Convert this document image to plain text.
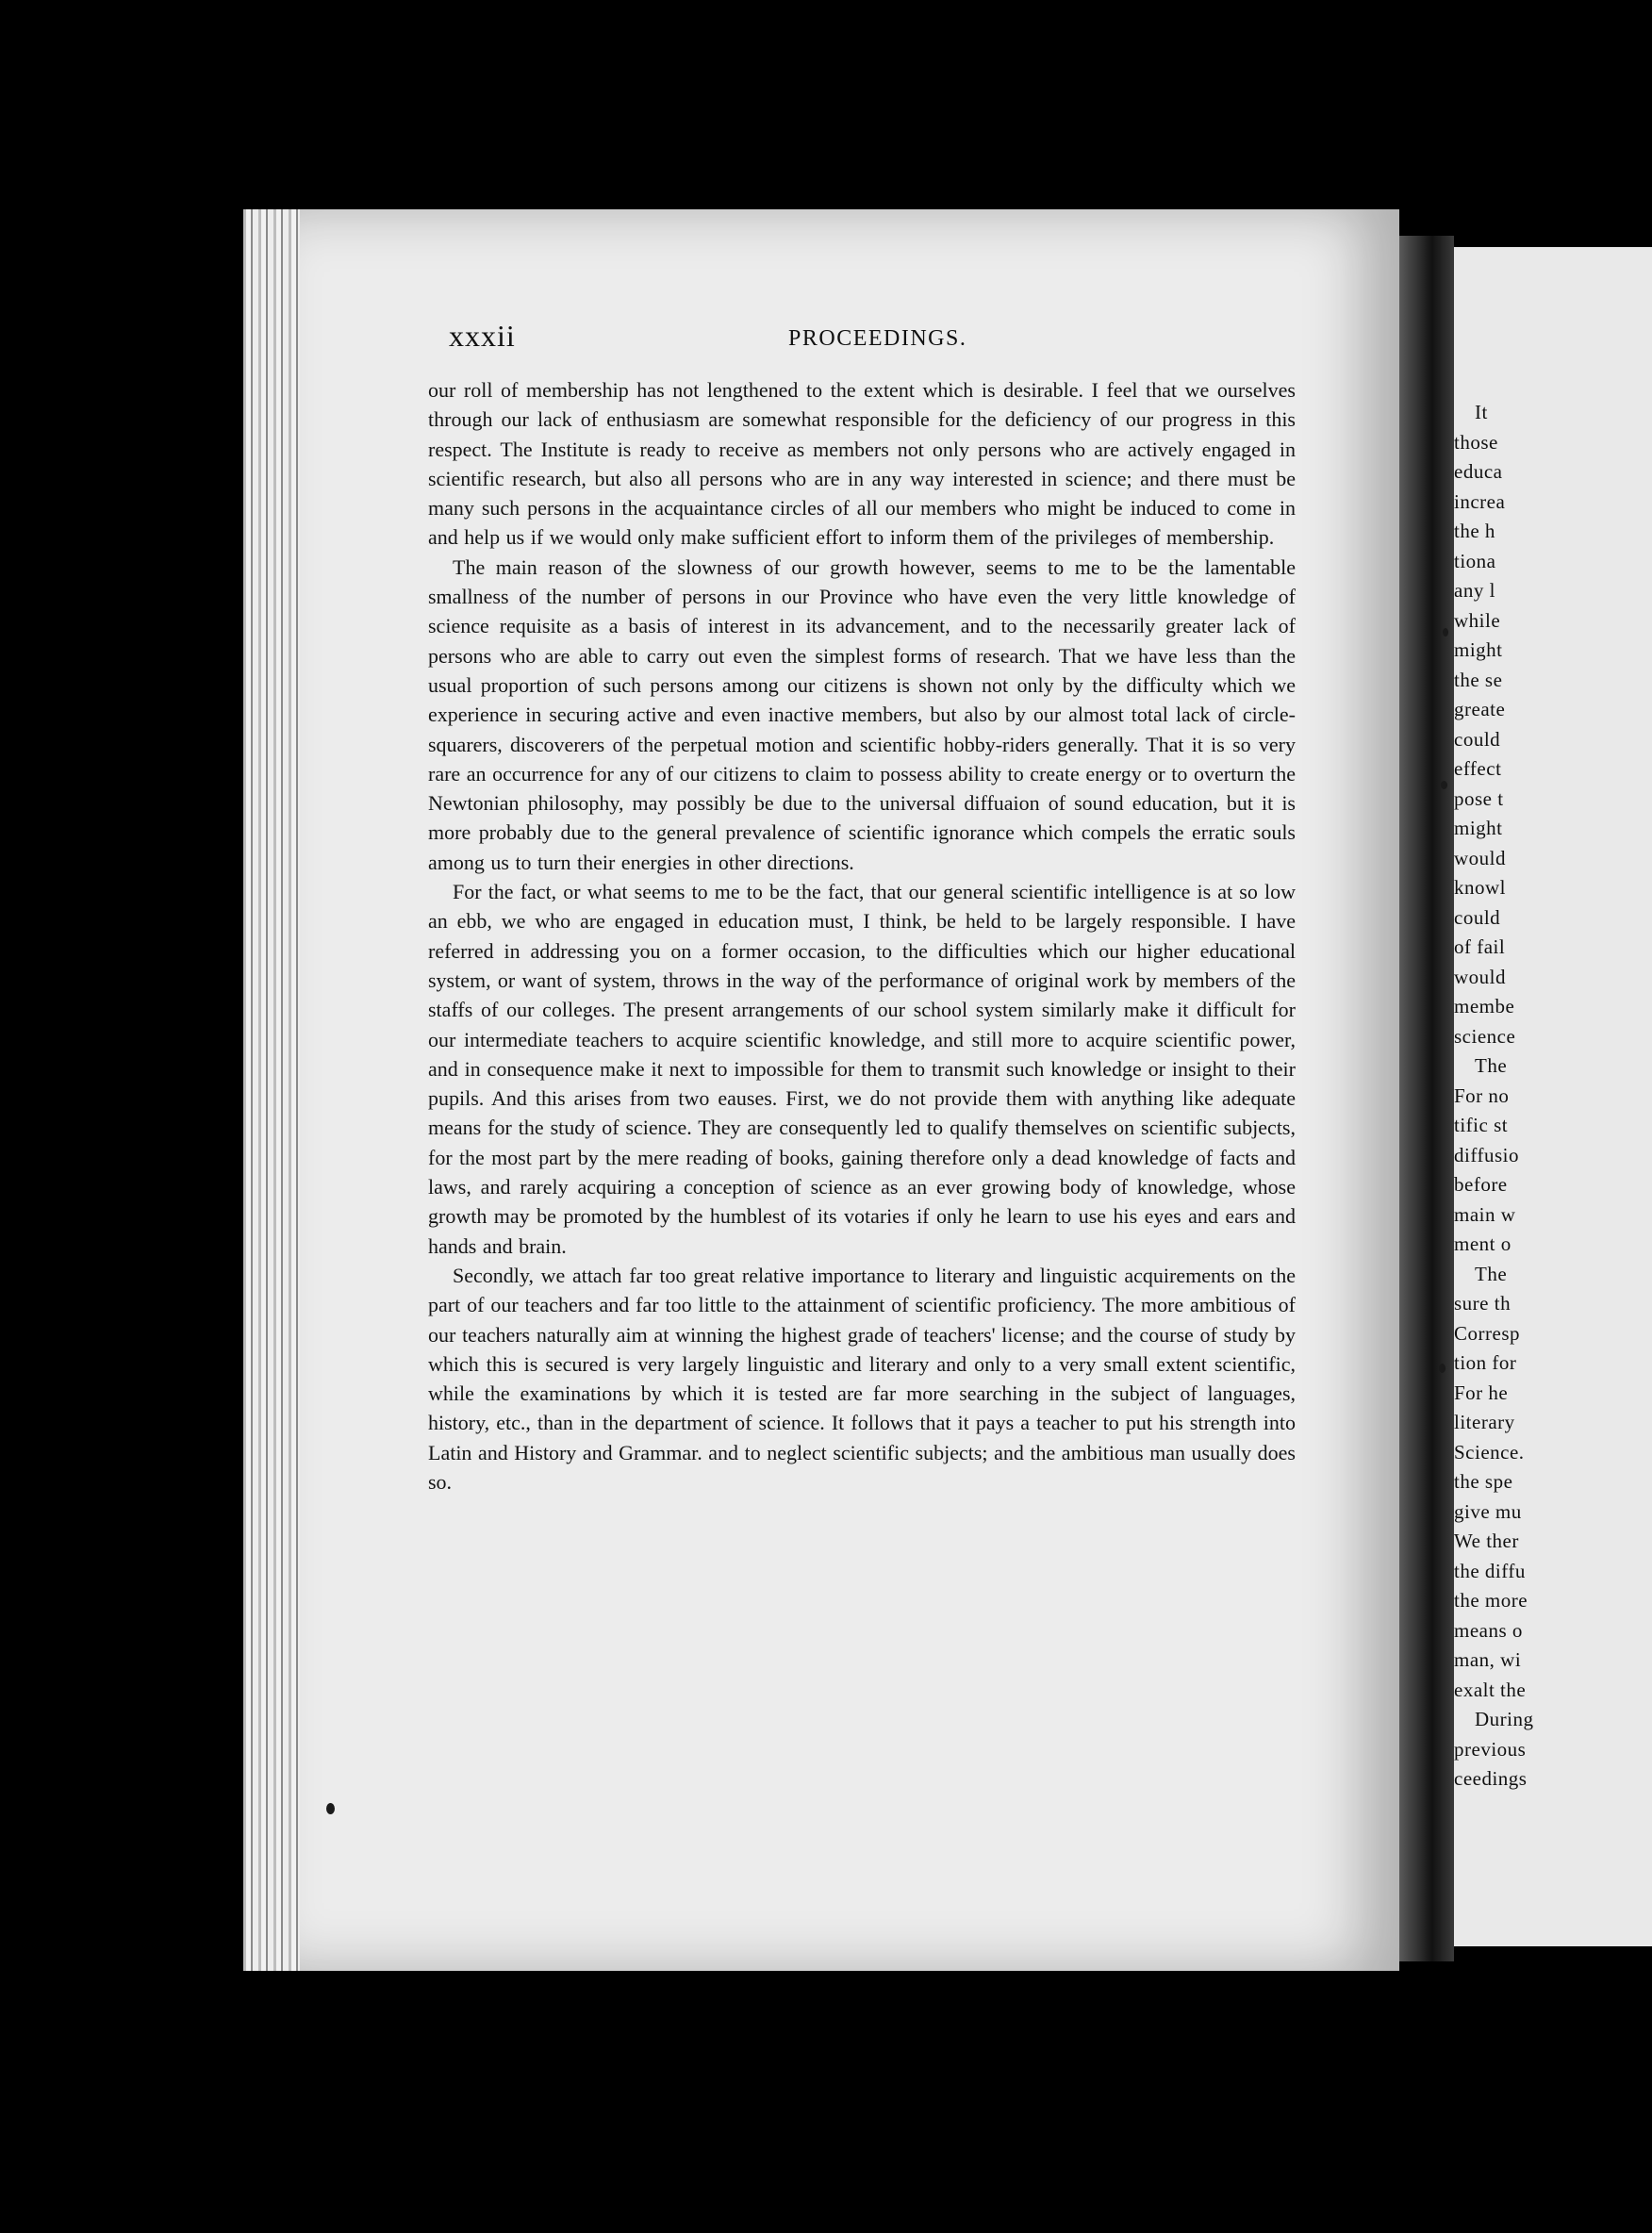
xxxii	PROCEEDINGS.

our roll of membership has not lengthened to the extent which is desirable. I feel that we ourselves through our lack of enthusiasm are somewhat responsible for the deficiency of our progress in this respect. The Institute is ready to receive as members not only persons who are actively engaged in scientific research, but also all persons who are in any way interested in science; and there must be many such persons in the acquaintance circles of all our members who might be induced to come in and help us if we would only make sufficient effort to inform them of the privileges of membership.

The main reason of the slowness of our growth however, seems to me to be the lamentable smallness of the number of persons in our Province who have even the very little knowledge of science requisite as a basis of interest in its advancement, and to the necessarily greater lack of persons who are able to carry out even the simplest forms of research. That we have less than the usual proportion of such persons among our citizens is shown not only by the difficulty which we experience in securing active and even inactive members, but also by our almost total lack of circle-squarers, discoverers of the perpetual motion and scientific hobby-riders generally. That it is so very rare an occurrence for any of our citizens to claim to possess ability to create energy or to overturn the Newtonian philosophy, may possibly be due to the universal diffuaion of sound education, but it is more probably due to the general prevalence of scientific ignorance which compels the erratic souls among us to turn their energies in other directions.

For the fact, or what seems to me to be the fact, that our general scientific intelligence is at so low an ebb, we who are engaged in education must, I think, be held to be largely responsible. I have referred in addressing you on a former occasion, to the difficulties which our higher educational system, or want of system, throws in the way of the performance of original work by members of the staffs of our colleges. The present arrangements of our school system similarly make it difficult for our intermediate teachers to acquire scientific knowledge, and still more to acquire scientific power, and in consequence make it next to impossible for them to transmit such knowledge or insight to their pupils. And this arises from two eauses. First, we do not provide them with anything like adequate means for the study of science. They are consequently led to qualify themselves on scientific subjects, for the most part by the mere reading of books, gaining therefore only a dead knowledge of facts and laws, and rarely acquiring a conception of science as an ever growing body of knowledge, whose growth may be promoted by the humblest of its votaries if only he learn to use his eyes and ears and hands and brain.

Secondly, we attach far too great relative importance to literary and linguistic acquirements on the part of our teachers and far too little to the attainment of scientific proficiency. The more ambitious of our teachers naturally aim at winning the highest grade of teachers' license; and the course of study by which this is secured is very largely linguistic and literary and only to a very small extent scientific, while the examinations by which it is tested are far more searching in the subject of languages, history, etc., than in the department of science. It follows that it pays a teacher to put his strength into Latin and History and Grammar. and to neglect scientific subjects; and the ambitious man usually does so.

It

those

educa

increa

the h

tiona

any l

while

might

the se

greate

could

effect

pose t

might

would

knowl

could

of fail

would

membe

science

The

For no

tific st

diffusio

before

main w

ment o

The

sure th

Corresp

tion for

For he

literary

Science.

the spe

give mu

We ther

the diffu

the more

means o

man, wi

exalt the

During

previous

ceedings
